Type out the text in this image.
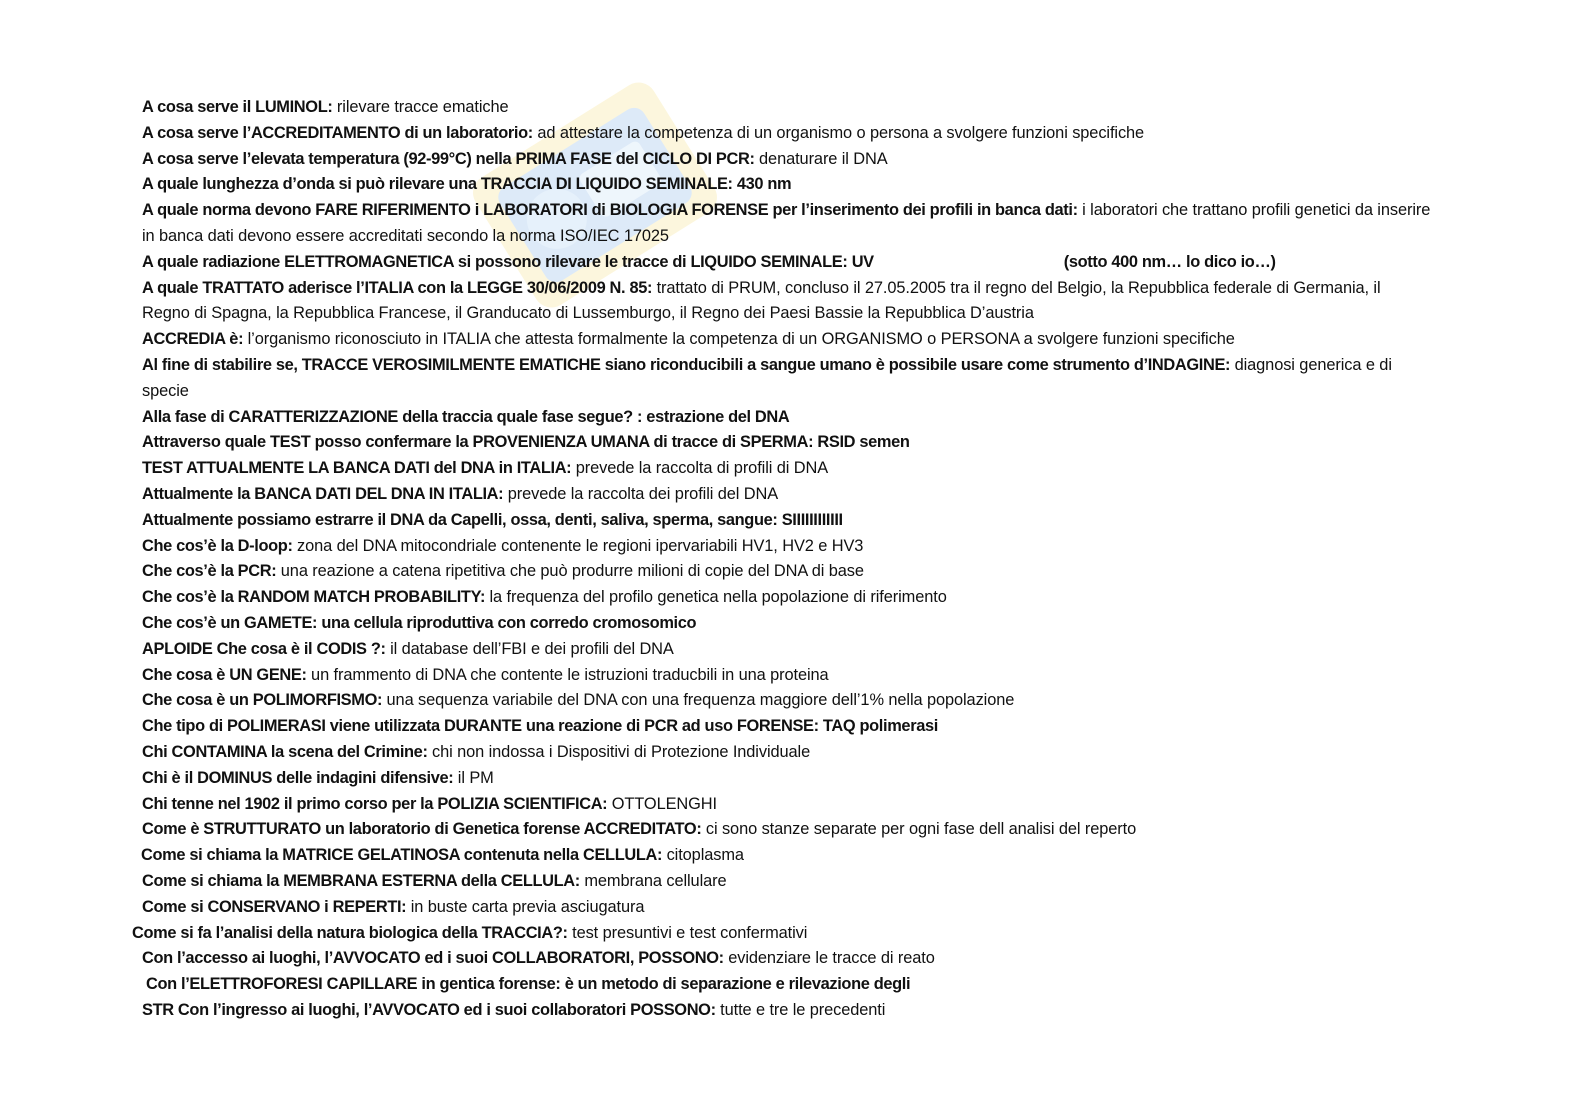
A cosa serve il LUMINOL: rilevare tracce ematiche
A cosa serve l’ACCREDITAMENTO di un laboratorio: ad attestare la competenza di un organismo o persona a svolgere funzioni specifiche
A cosa serve l’elevata temperatura (92-99°C) nella PRIMA FASE del CICLO DI PCR: denaturare il DNA
A quale lunghezza d’onda si può rilevare una TRACCIA DI LIQUIDO SEMINALE: 430 nm
A quale norma devono FARE RIFERIMENTO i LABORATORI di BIOLOGIA FORENSE per l’inserimento dei profili in banca dati: i laboratori che trattano profili genetici da inserire in banca dati devono essere accreditati secondo la norma ISO/IEC 17025
A quale radiazione ELETTROMAGNETICA si possono rilevare le tracce di LIQUIDO SEMINALE: UV	(sotto 400 nm… lo dico io…)
A quale TRATTATO aderisce l’ITALIA con la LEGGE 30/06/2009 N. 85: trattato di PRUM, concluso il 27.05.2005 tra il regno del Belgio, la Repubblica federale di Germania, il Regno di Spagna, la Repubblica Francese, il Granducato di Lussemburgo, il Regno dei Paesi Bassie la Repubblica D’austria
ACCREDIA è: l’organismo riconosciuto in ITALIA che attesta formalmente la competenza di un ORGANISMO o PERSONA a svolgere funzioni specifiche
Al fine di stabilire se, TRACCE VEROSIMILMENTE EMATICHE siano riconducibili a sangue umano è possibile usare come strumento d’INDAGINE: diagnosi generica e di specie
Alla fase di CARATTERIZZAZIONE della traccia quale fase segue? : estrazione del DNA
Attraverso quale TEST posso confermare la PROVENIENZA UMANA di tracce di SPERMA: RSID semen
TEST ATTUALMENTE LA BANCA DATI del DNA in ITALIA: prevede la raccolta di profili di DNA
Attualmente la BANCA DATI DEL DNA IN ITALIA: prevede la raccolta dei profili del DNA
Attualmente possiamo estrarre il DNA da Capelli, ossa, denti, saliva, sperma, sangue: SIIIIIIIIIIII
Che cos’è la D-loop: zona del DNA mitocondriale contenente le regioni ipervariabili HV1, HV2 e HV3
Che cos’è la PCR: una reazione a catena ripetitiva che può produrre milioni di copie del DNA di base
Che cos’è la RANDOM MATCH PROBABILITY: la frequenza del profilo genetica nella popolazione di riferimento
Che cos’è un GAMETE: una cellula riproduttiva con corredo cromosomico
APLOIDE Che cosa è il CODIS ?: il database dell’FBI e dei profili del DNA
Che cosa è UN GENE: un frammento di DNA che contente le istruzioni traducbili in una proteina
Che cosa è un POLIMORFISMO: una sequenza variabile del DNA con una frequenza maggiore dell’1% nella popolazione
Che tipo di POLIMERASI viene utilizzata DURANTE una reazione di PCR ad uso FORENSE: TAQ polimerasi
Chi CONTAMINA la scena del Crimine: chi non indossa i Dispositivi di Protezione Individuale
Chi è il DOMINUS delle indagini difensive: il PM
Chi tenne nel 1902 il primo corso per la POLIZIA SCIENTIFICA: OTTOLENGHI
Come è STRUTTURATO un laboratorio di Genetica forense ACCREDITATO: ci sono stanze separate per ogni fase dell analisi del reperto
Come si chiama la MATRICE GELATINOSA contenuta nella CELLULA: citoplasma
Come si chiama la MEMBRANA ESTERNA della CELLULA: membrana cellulare
Come si CONSERVANO i REPERTI: in buste carta previa asciugatura
Come si fa l’analisi della natura biologica della TRACCIA?: test presuntivi e test confermativi
Con l’accesso ai luoghi, l’AVVOCATO ed i suoi COLLABORATORI, POSSONO: evidenziare le tracce di reato
Con l’ELETTROFORESI CAPILLARE in gentica forense: è un metodo di separazione e rilevazione degli
STR Con l’ingresso ai luoghi, l’AVVOCATO ed i suoi collaboratori POSSONO: tutte e tre le precedenti
